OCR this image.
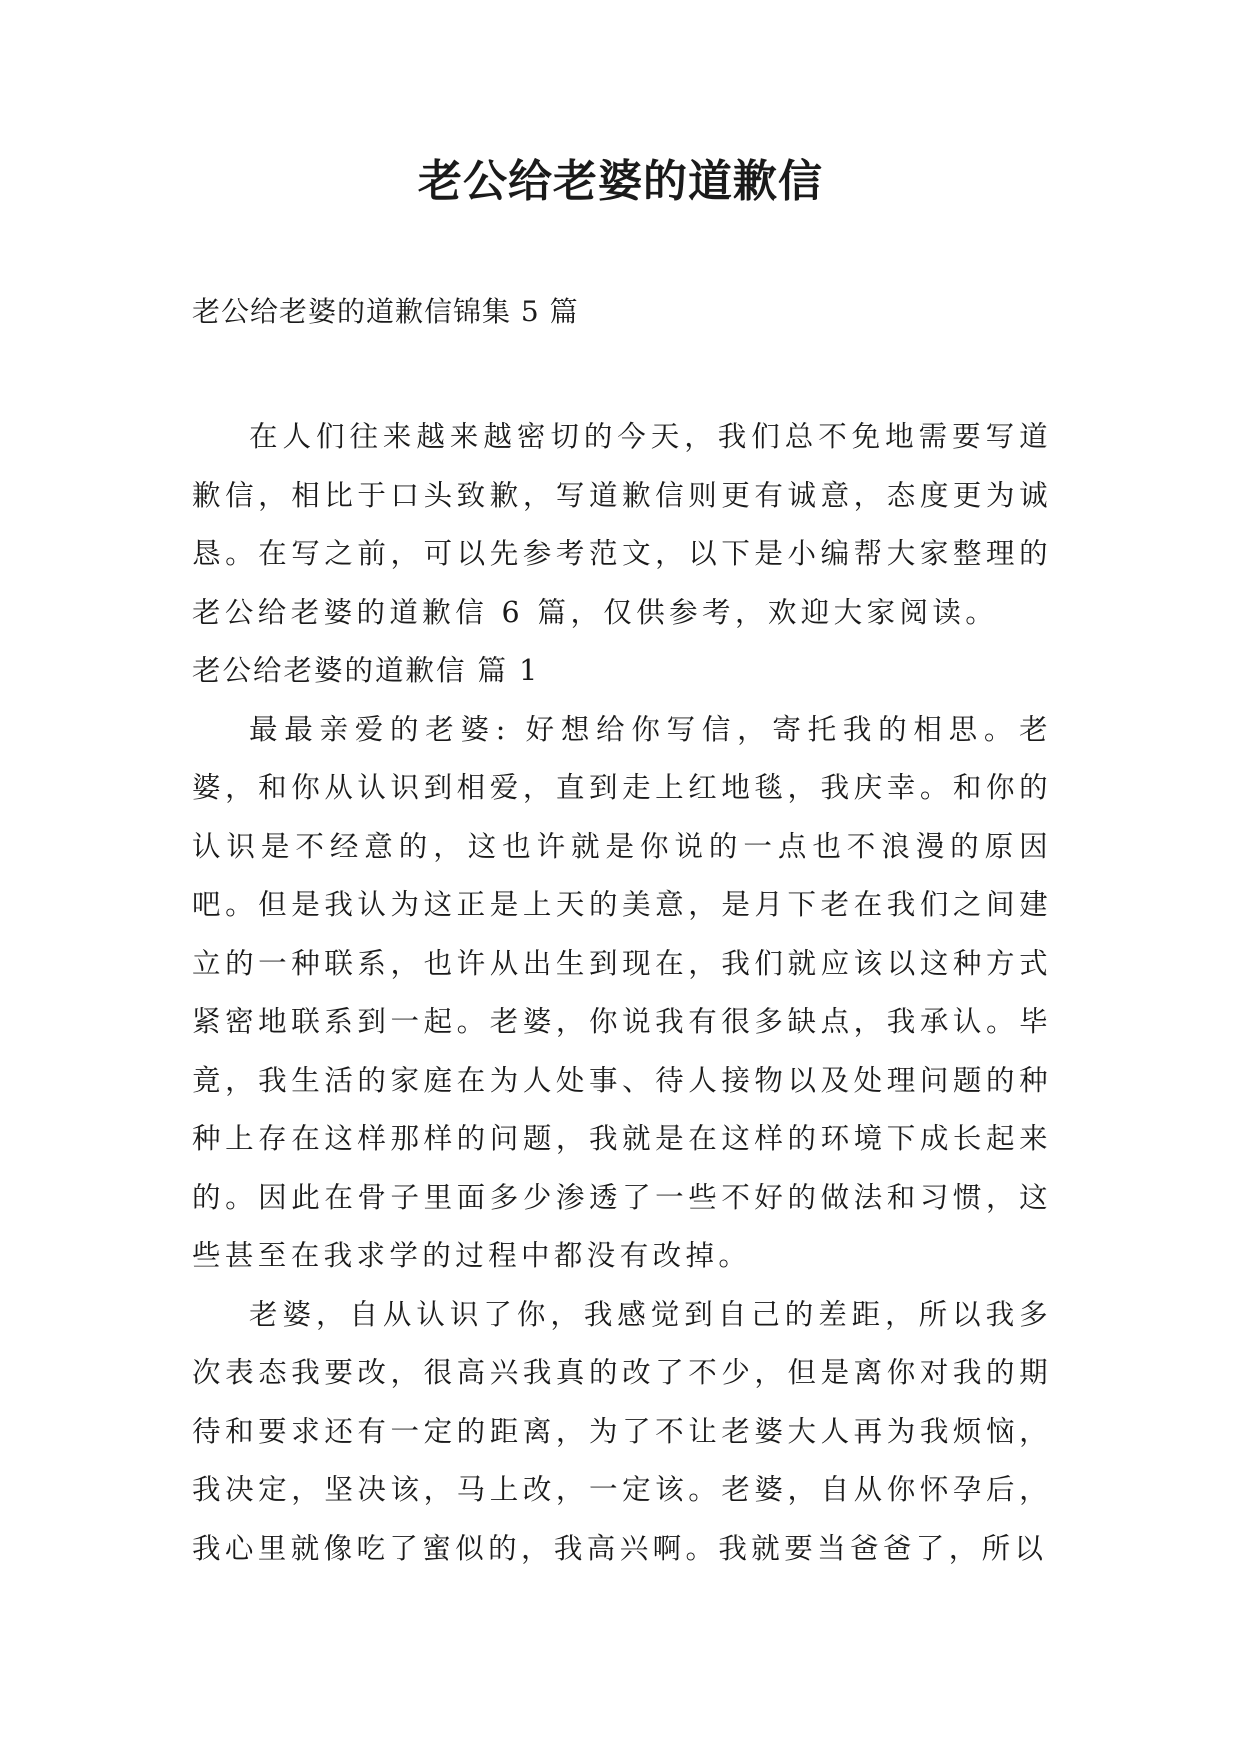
老公给老婆的道歉信

老公给老婆的道歉信锦集 5 篇

在人们往来越来越密切的今天，我们总不免地需要写道歉信，相比于口头致歉，写道歉信则更有诚意，态度更为诚恳。在写之前，可以先参考范文，以下是小编帮大家整理的老公给老婆的道歉信 6 篇，仅供参考，欢迎大家阅读。

老公给老婆的道歉信 篇 1

最最亲爱的老婆: 好想给你写信，寄托我的相思。老婆，和你从认识到相爱，直到走上红地毯，我庆幸。和你的认识是不经意的，这也许就是你说的一点也不浪漫的原因吧。但是我认为这正是上天的美意，是月下老在我们之间建立的一种联系，也许从出生到现在，我们就应该以这种方式紧密地联系到一起。老婆，你说我有很多缺点，我承认。毕竟，我生活的家庭在为人处事、待人接物以及处理问题的种种上存在这样那样的问题，我就是在这样的环境下成长起来的。因此在骨子里面多少渗透了一些不好的做法和习惯，这些甚至在我求学的过程中都没有改掉。

老婆，自从认识了你，我感觉到自己的差距，所以我多次表态我要改，很高兴我真的改了不少，但是离你对我的期待和要求还有一定的距离，为了不让老婆大人再为我烦恼，我决定，坚决该，马上改，一定该。老婆，自从你怀孕后，我心里就像吃了蜜似的，我高兴啊。我就要当爸爸了，所以
